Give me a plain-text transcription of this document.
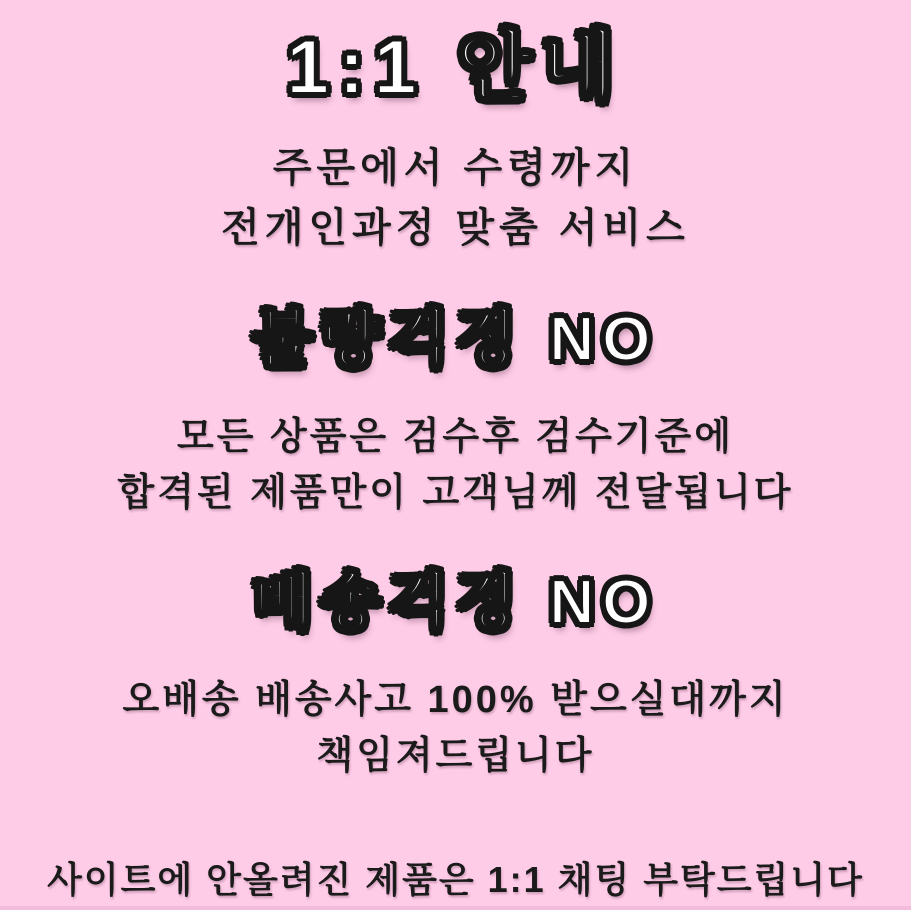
1:1 안내

주문에서 수령까지

전개인과정 맞춤 서비스

불량걱정 NO

모든 상품은 검수후 검수기준에

합격된 제품만이 고객님께 전달됩니다

배송걱정 NO

오배송 배송사고 100% 받으실대까지

책임져드립니다

사이트에 안올려진 제품은 1:1 채팅 부탁드립니다
